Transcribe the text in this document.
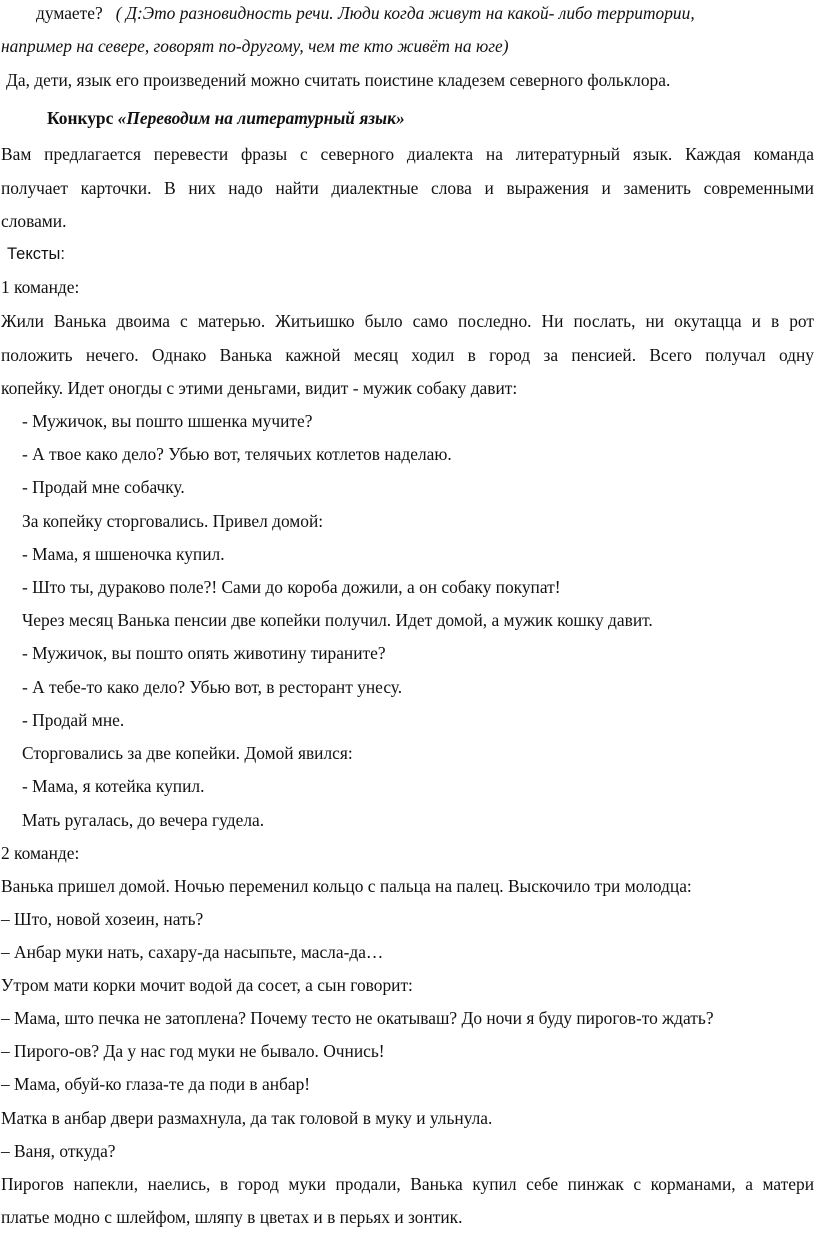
думаете? ( Д:Это разновидность речи. Люди когда живут на какой- либо территории,
например на севере, говорят по-другому, чем те кто живёт на юге)
Да, дети, язык его произведений можно считать поистине кладезем северного фольклора.
Конкурс «Переводим на литературный язык»
Вам предлагается перевести фразы с северного диалекта на литературный язык. Каждая команда
получает карточки. В них надо найти диалектные слова и выражения и заменить современными
словами.
Тексты:
1 команде:
Жили Ванька двоима с матерью. Житьишко было само последно. Ни послать, ни окутацца и в рот
положить нечего. Однако Ванька кажной месяц ходил в город за пенсией. Всего получал одну
копейку. Идет оногды с этими деньгами, видит - мужик собаку давит:
- Мужичок, вы пошто шшенка мучите?
- А твое како дело? Убью вот, телячьих котлетов наделаю.
- Продай мне собачку.
За копейку сторговались. Привел домой:
- Мама, я шшеночка купил.
- Што ты, дураково поле?! Сами до короба дожили, а он собаку покупат!
Через месяц Ванька пенсии две копейки получил. Идет домой, а мужик кошку давит.
- Мужичок, вы пошто опять животину тираните?
- А тебе-то како дело? Убью вот, в ресторант унесу.
- Продай мне.
Сторговались за две копейки. Домой явился:
- Мама, я котейка купил.
Мать ругалась, до вечера гудела.
2 команде:
Ванька пришел домой. Ночью переменил кольцо с пальца на палец. Выскочило три молодца:
– Што, новой хозеин, нать?
– Анбар муки нать, сахару-да насыпьте, масла-да…
Утром мати корки мочит водой да сосет, а сын говорит:
– Мама, што печка не затоплена? Почему тесто не окатываш? До ночи я буду пирогов-то ждать?
– Пирого-ов? Да у нас год муки не бывало. Очнись!
– Мама, обуй-ко глаза-те да поди в анбар!
Матка в анбар двери размахнула, да так головой в муку и ульнула.
– Ваня, откуда?
Пирогов напекли, наелись, в город муки продали, Ванька купил себе пинжак с корманами, а матери
платье модно с шлейфом, шляпу в цветах и в перьях и зонтик.
